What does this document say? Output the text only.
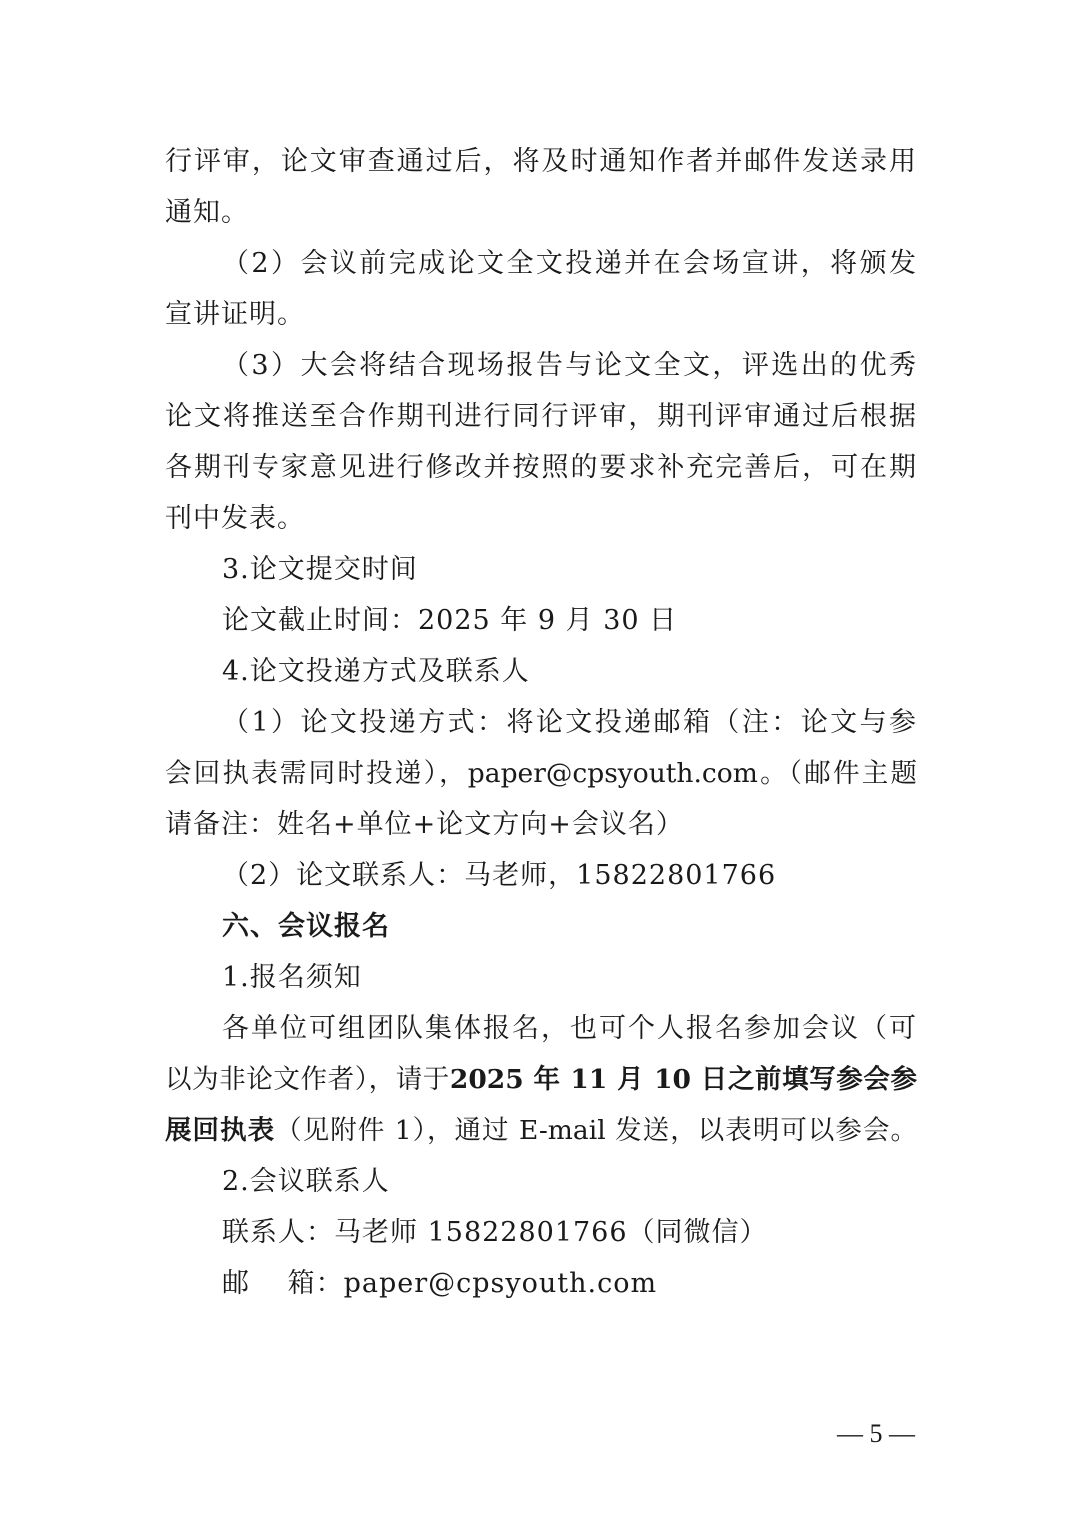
行评审，论文审查通过后，将及时通知作者并邮件发送录用
通知。
（2）会议前完成论文全文投递并在会场宣讲，将颁发
宣讲证明。
（3）大会将结合现场报告与论文全文，评选出的优秀
论文将推送至合作期刊进行同行评审，期刊评审通过后根据
各期刊专家意见进行修改并按照的要求补充完善后，可在期
刊中发表。
3.论文提交时间
论文截止时间：2025 年 9 月 30 日
4.论文投递方式及联系人
（1）论文投递方式：将论文投递邮箱（注：论文与参
会回执表需同时投递），paper@cpsyouth.com。（邮件主题
请备注：姓名+单位+论文方向+会议名）
（2）论文联系人：马老师，15822801766
六、会议报名
1.报名须知
各单位可组团队集体报名，也可个人报名参加会议（可
以为非论文作者），请于2025 年 11 月 10 日之前填写参会参
展回执表（见附件 1），通过 E-mail 发送，以表明可以参会。
2.会议联系人
联系人：马老师 15822801766（同微信）
邮　 箱：paper@cpsyouth.com
— 5 —
